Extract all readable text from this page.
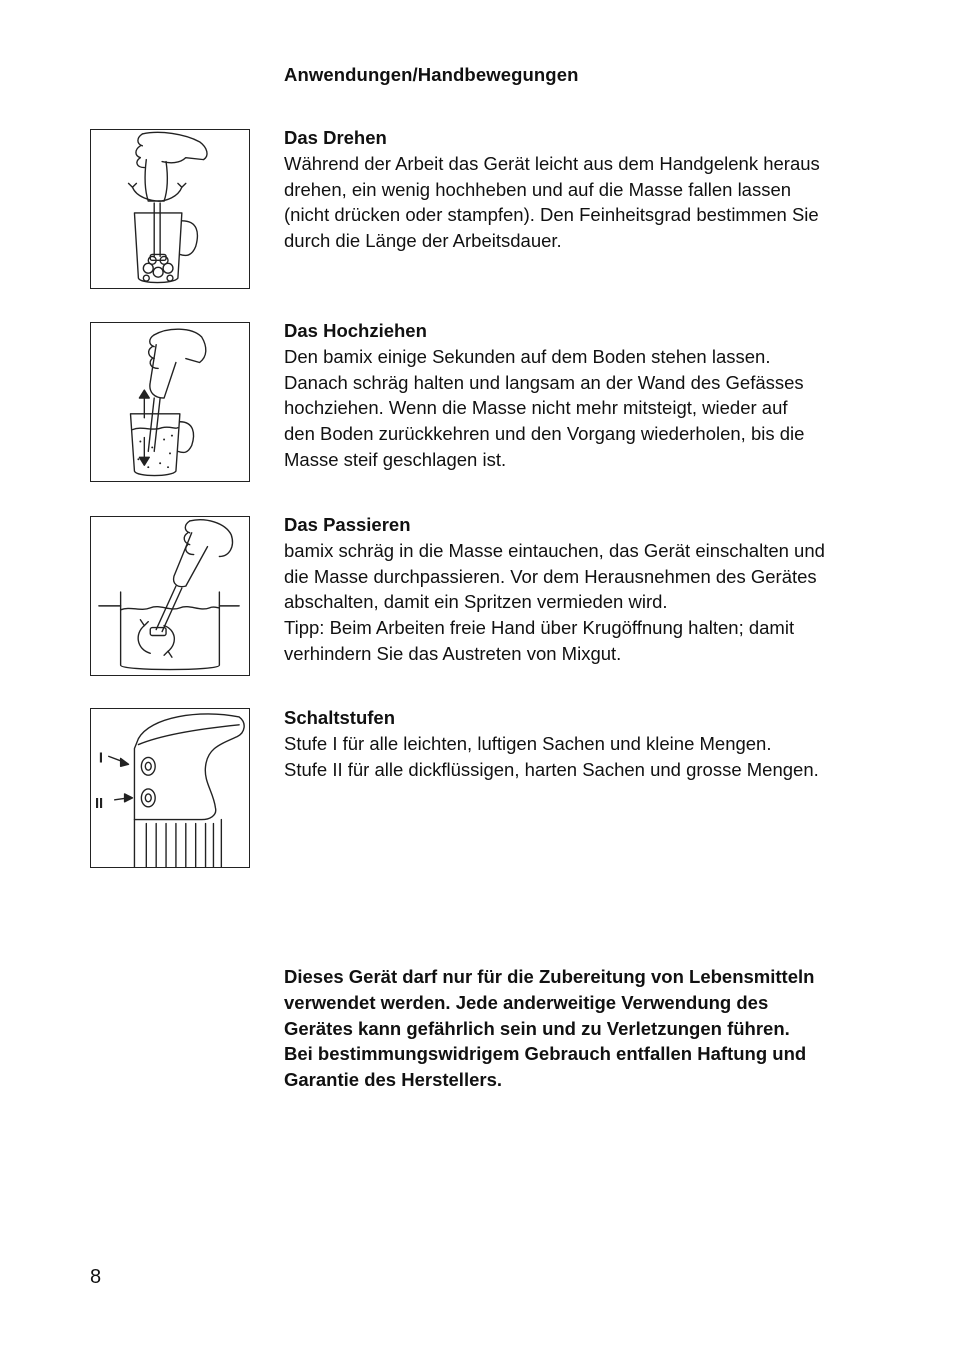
Anwendungen/Handbewegungen
Das Drehen
Während der Arbeit das Gerät leicht aus dem Handgelenk heraus
drehen, ein wenig hochheben und auf die Masse fallen lassen
(nicht drücken oder stampfen). Den Feinheitsgrad bestimmen Sie
durch die Länge der Arbeitsdauer.
Das Hochziehen
Den bamix einige Sekunden auf dem Boden stehen lassen.
Danach schräg halten und langsam an der Wand des Gefässes
hochziehen. Wenn die Masse nicht mehr mitsteigt, wieder auf
den Boden zurückkehren und den Vorgang wiederholen, bis die
Masse steif geschlagen ist.
Das Passieren
bamix schräg in die Masse eintauchen, das Gerät einschalten und
die Masse durchpassieren. Vor dem Herausnehmen des Gerätes
abschalten, damit ein Spritzen vermieden wird.
Tipp: Beim Arbeiten freie Hand über Krugöffnung halten; damit
verhindern Sie das Austreten von Mixgut.
I
II
Schaltstufen
Stufe I für alle leichten, luftigen Sachen und kleine Mengen.
Stufe II für alle dickflüssigen, harten Sachen und grosse Mengen.
Dieses Gerät darf nur für die Zubereitung von Lebensmitteln
verwendet werden. Jede anderweitige Verwendung des
Gerätes kann gefährlich sein und zu Verletzungen führen.
Bei bestimmungswidrigem Gebrauch entfallen Haftung und
Garantie des Herstellers.
8
